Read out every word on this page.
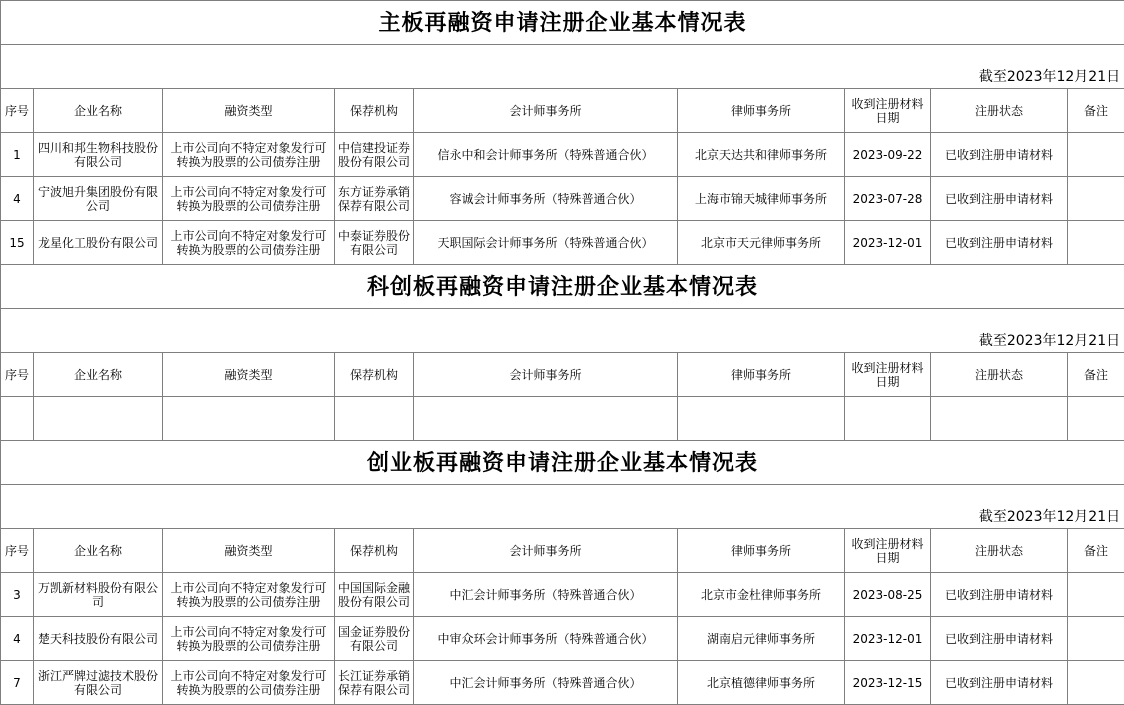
主板再融资申请注册企业基本情况表								
截至2023年12月21日								
序号	企业名称	融资类型	保荐机构	会计师事务所	律师事务所	收到注册材料日期	注册状态	备注
1	四川和邦生物科技股份有限公司	上市公司向不特定对象发行可转换为股票的公司债券注册	中信建投证券股份有限公司	信永中和会计师事务所（特殊普通合伙）	北京天达共和律师事务所	2023-09-22	已收到注册申请材料	
4	宁波旭升集团股份有限公司	上市公司向不特定对象发行可转换为股票的公司债券注册	东方证券承销保荐有限公司	容诚会计师事务所（特殊普通合伙）	上海市锦天城律师事务所	2023-07-28	已收到注册申请材料	
15	龙星化工股份有限公司	上市公司向不特定对象发行可转换为股票的公司债券注册	中泰证券股份有限公司	天职国际会计师事务所（特殊普通合伙）	北京市天元律师事务所	2023-12-01	已收到注册申请材料	
科创板再融资申请注册企业基本情况表								
截至2023年12月21日								
序号	企业名称	融资类型	保荐机构	会计师事务所	律师事务所	收到注册材料日期	注册状态	备注

创业板再融资申请注册企业基本情况表								
截至2023年12月21日								
序号	企业名称	融资类型	保荐机构	会计师事务所	律师事务所	收到注册材料日期	注册状态	备注
3	万凯新材料股份有限公司	上市公司向不特定对象发行可转换为股票的公司债券注册	中国国际金融股份有限公司	中汇会计师事务所（特殊普通合伙）	北京市金杜律师事务所	2023-08-25	已收到注册申请材料	
4	楚天科技股份有限公司	上市公司向不特定对象发行可转换为股票的公司债券注册	国金证券股份有限公司	中审众环会计师事务所（特殊普通合伙）	湖南启元律师事务所	2023-12-01	已收到注册申请材料	
7	浙江严牌过滤技术股份有限公司	上市公司向不特定对象发行可转换为股票的公司债券注册	长江证券承销保荐有限公司	中汇会计师事务所（特殊普通合伙）	北京植德律师事务所	2023-12-15	已收到注册申请材料	
